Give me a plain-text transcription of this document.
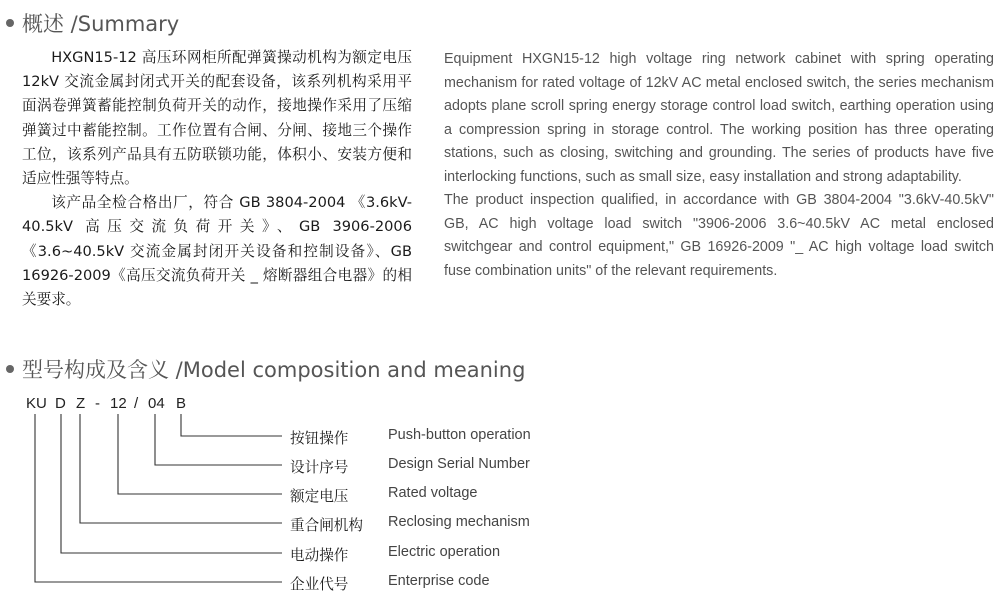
概述 /Summary

HXGN15-12 高压环网柜所配弹簧操动机构为额定电压 12kV 交流金属封闭式开关的配套设备，该系列机构采用平面涡卷弹簧蓄能控制负荷开关的动作，接地操作采用了压缩弹簧过中蓄能控制。工作位置有合闸、分闸、接地三个操作工位，该系列产品具有五防联锁功能，体积小、安装方便和适应性强等特点。

该产品全检合格出厂，符合 GB 3804-2004 《3.6kV-40.5kV 高压交流负荷开关》、GB 3906-2006《3.6~40.5kV 交流金属封闭开关设备和控制设备》、GB 16926-2009《高压交流负荷开关 _ 熔断器组合电器》的相关要求。

Equipment HXGN15-12 high voltage ring network cabinet with spring operating mechanism for rated voltage of 12kV AC metal enclosed switch, the series mechanism adopts plane scroll spring energy storage control load switch, earthing operation using a compression spring in storage control. The working position has three operating stations, such as closing, switching and grounding. The series of products have five interlocking functions, such as small size, easy installation and strong adaptability.

The product inspection qualified, in accordance with GB 3804-2004 "3.6kV-40.5kV" GB, AC high voltage load switch "3906-2006 3.6~40.5kV AC metal enclosed switchgear and control equipment," GB 16926-2009 "_ AC high voltage load switch fuse combination units" of the relevant requirements.

型号构成及含义 /Model composition and meaning
KU D Z - 12 / 04 B
按钮操作	Push-button operation
设计序号	Design Serial Number
额定电压	Rated voltage
重合闸机构 Reclosing mechanism
电动操作	Electric operation
企业代号	Enterprise code
